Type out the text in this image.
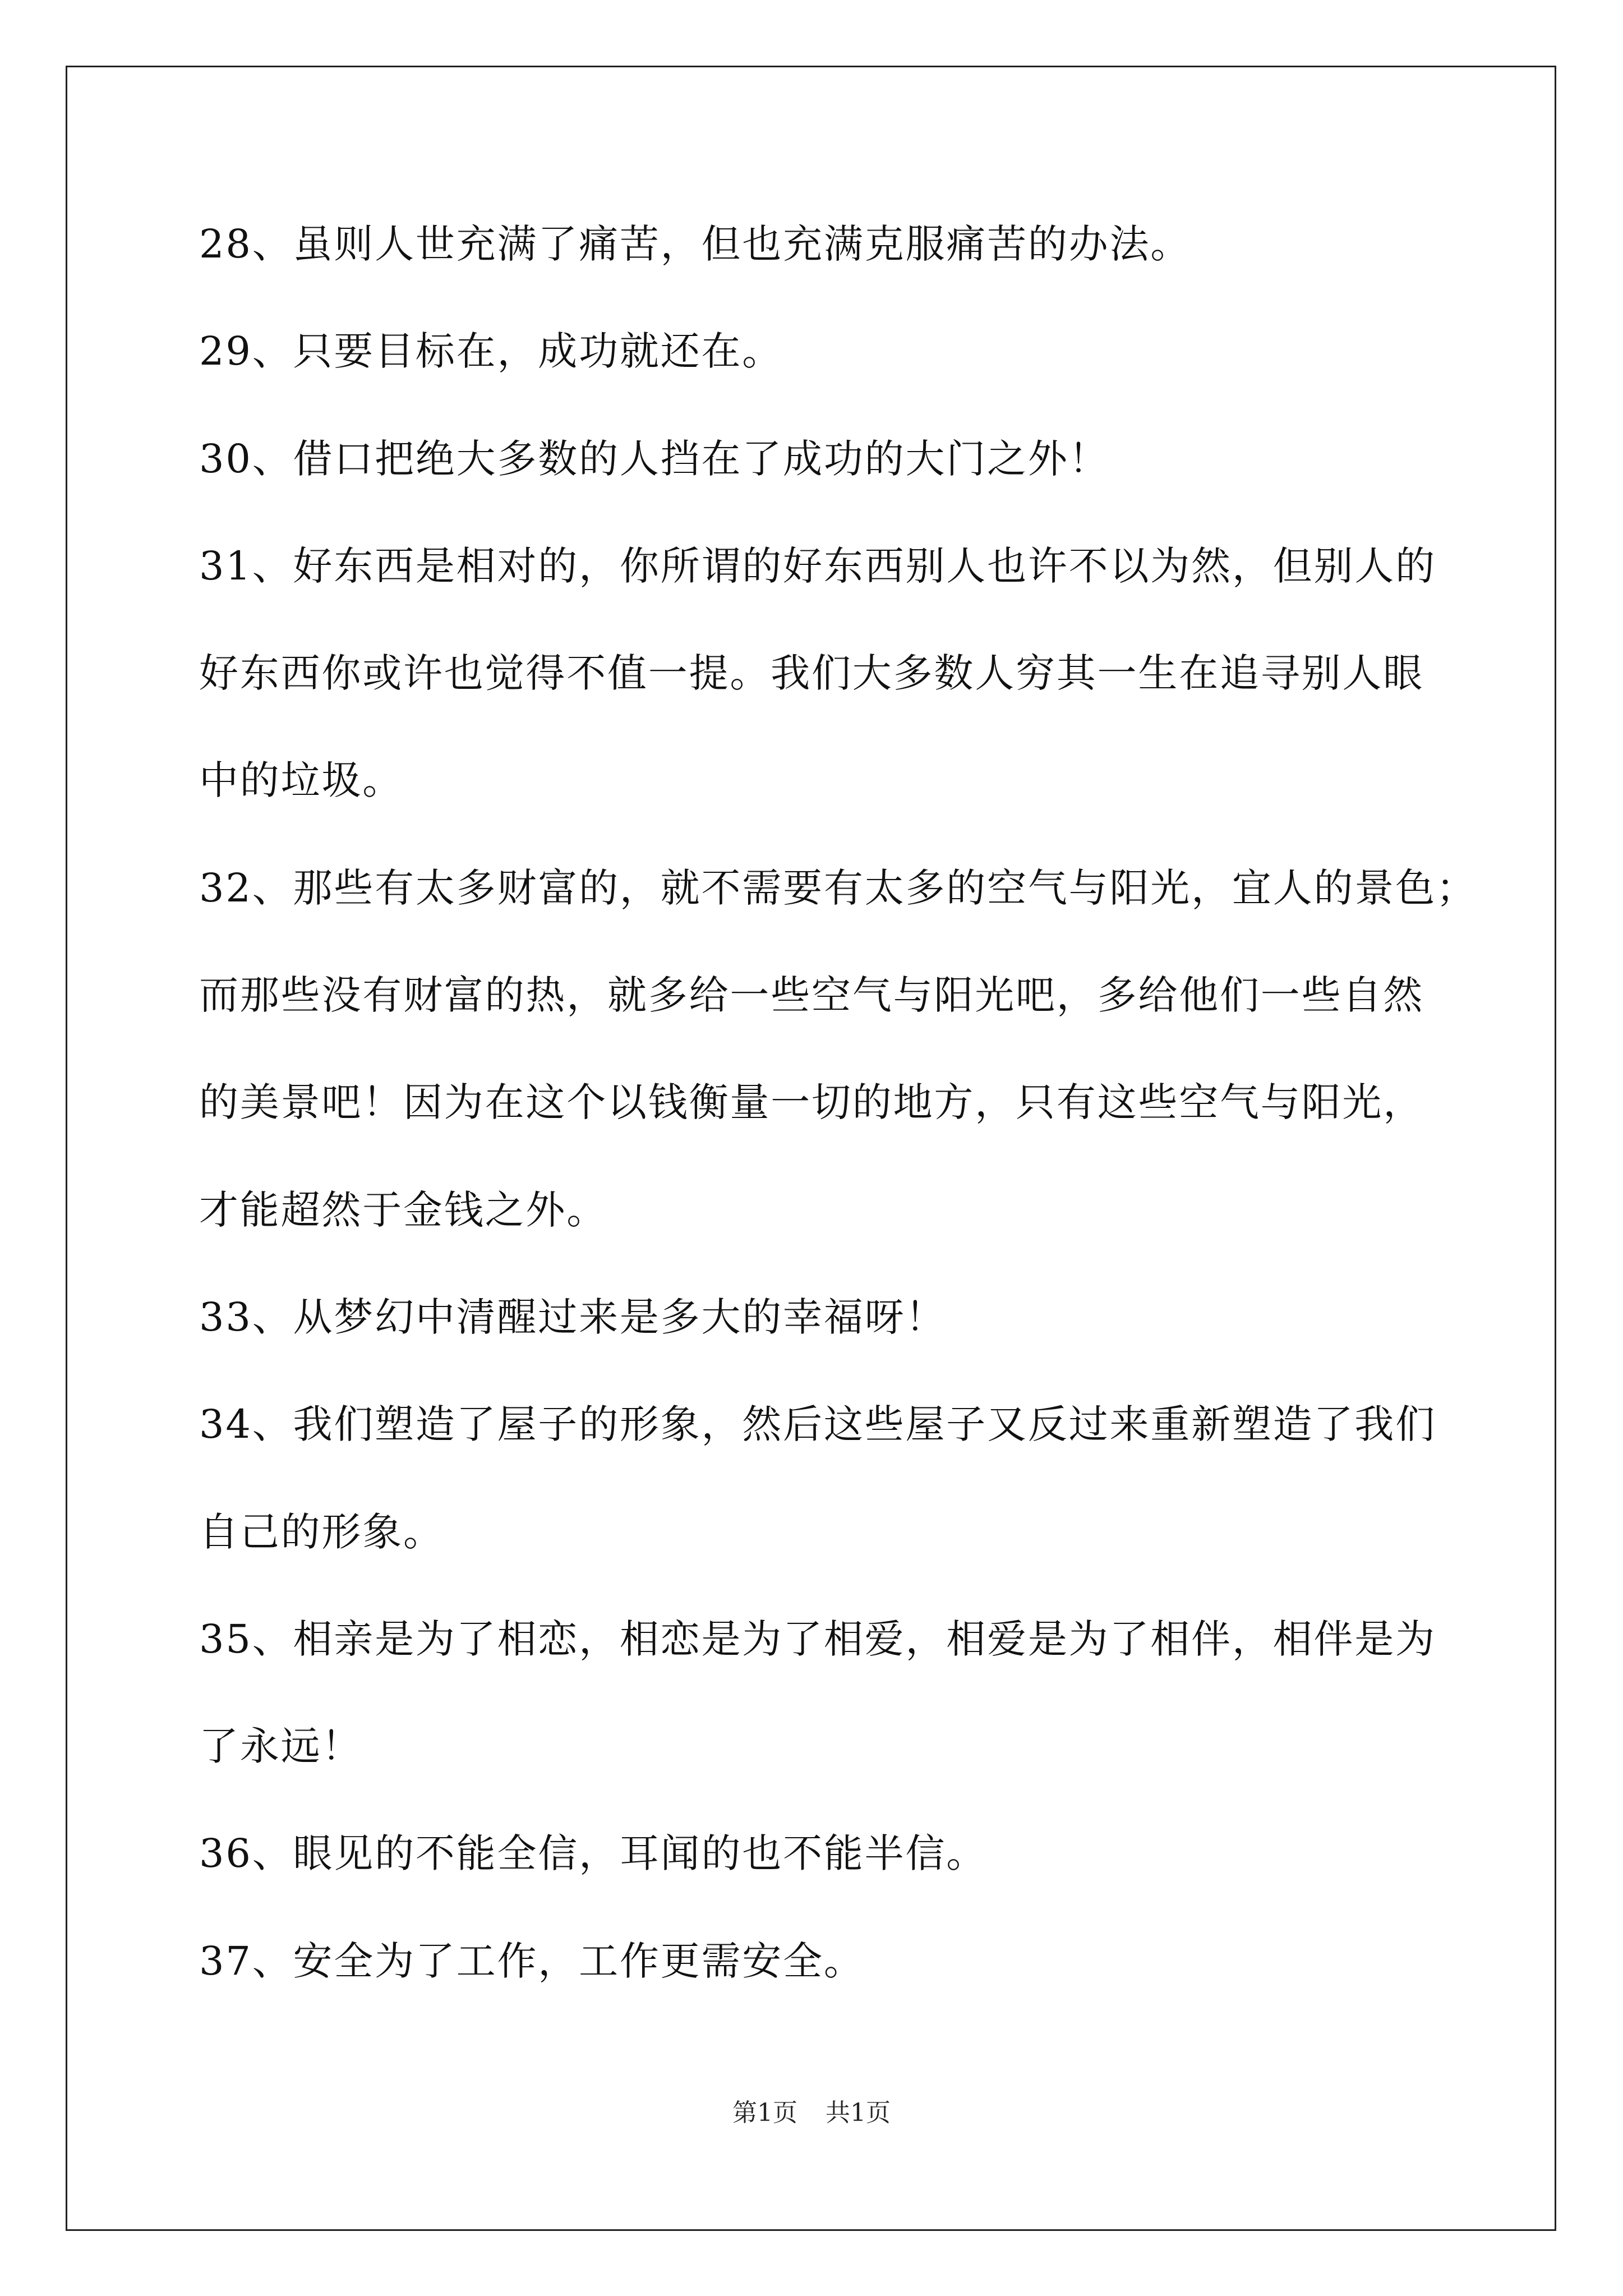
28、虽则人世充满了痛苦，但也充满克服痛苦的办法。
29、只要目标在，成功就还在。
30、借口把绝大多数的人挡在了成功的大门之外！
31、好东西是相对的，你所谓的好东西别人也许不以为然，但别人的
好东西你或许也觉得不值一提。我们大多数人穷其一生在追寻别人眼
中的垃圾。
32、那些有太多财富的，就不需要有太多的空气与阳光，宜人的景色；
而那些没有财富的热，就多给一些空气与阳光吧，多给他们一些自然
的美景吧！因为在这个以钱衡量一切的地方，只有这些空气与阳光，
才能超然于金钱之外。
33、从梦幻中清醒过来是多大的幸福呀！
34、我们塑造了屋子的形象，然后这些屋子又反过来重新塑造了我们
自己的形象。
35、相亲是为了相恋，相恋是为了相爱，相爱是为了相伴，相伴是为
了永远！
36、眼见的不能全信，耳闻的也不能半信。
37、安全为了工作，工作更需安全。
第1页 共1页
